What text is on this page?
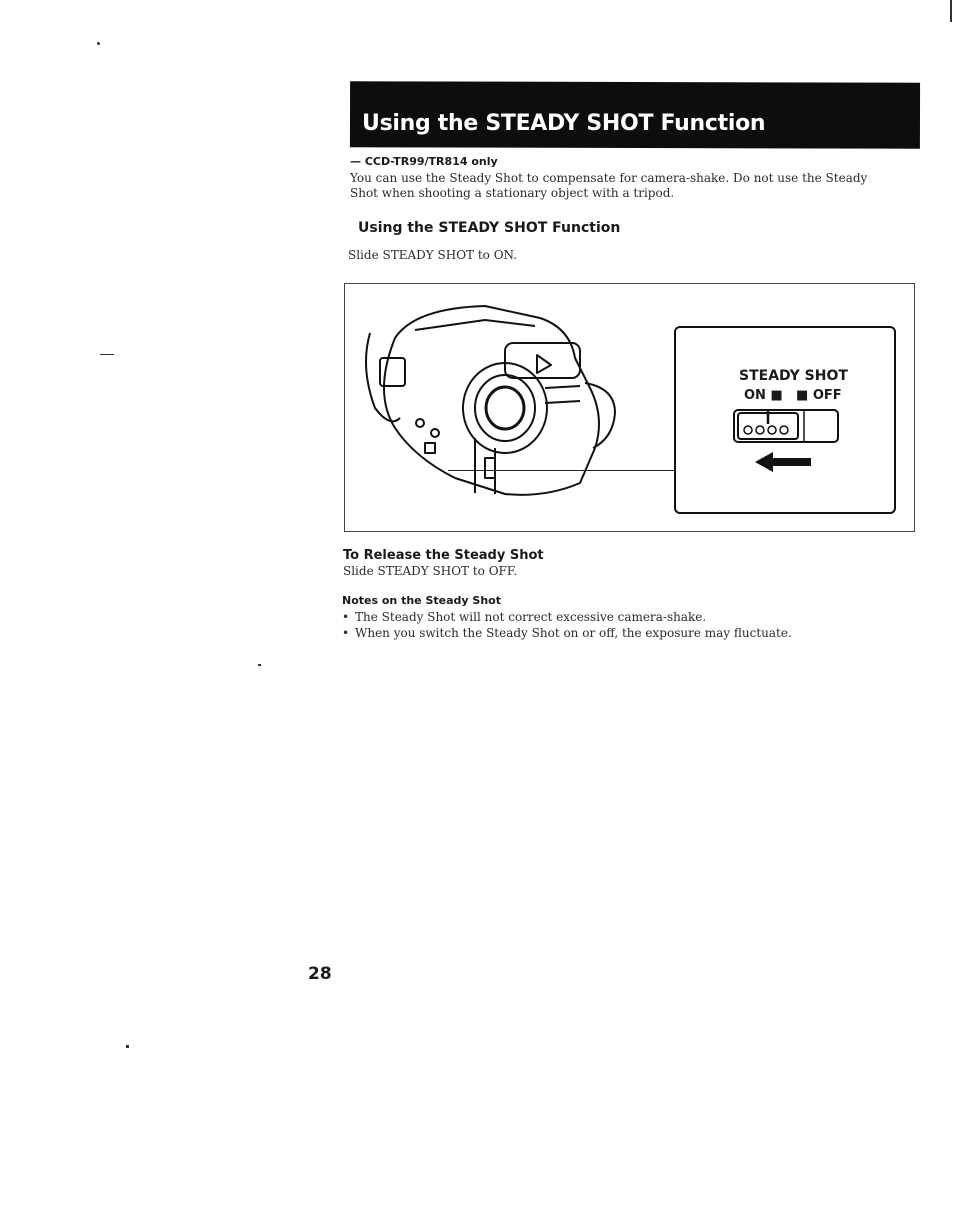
Using the STEADY SHOT Function
— CCD-TR99/TR814 only
You can use the Steady Shot to compensate for camera-shake. Do not use the Steady Shot when shooting a stationary object with a tripod.
Using the STEADY SHOT Function
Slide STEADY SHOT to ON.
STEADY SHOT
ON ■ ■ OFF
To Release the Steady Shot
Slide STEADY SHOT to OFF.
Notes on the Steady Shot
• The Steady Shot will not correct excessive camera-shake.
• When you switch the Steady Shot on or off, the exposure may fluctuate.
28
